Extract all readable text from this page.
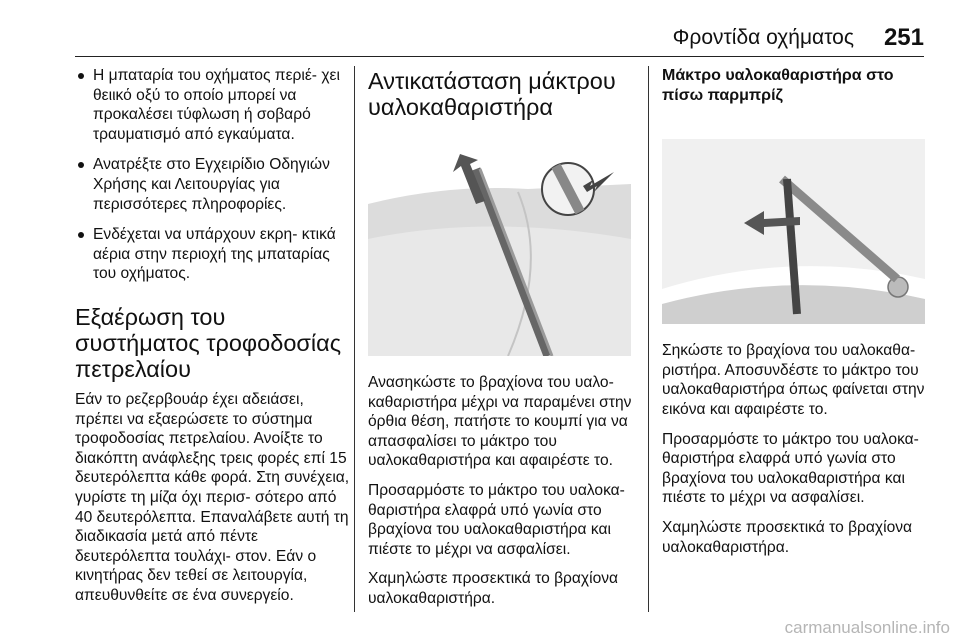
Φροντίδα οχήματος 251
Η μπαταρία του οχήματος περιέ- χει θειικό οξύ το οποίο μπορεί να προκαλέσει τύφλωση ή σοβαρό τραυματισμό από εγκαύματα.
Ανατρέξτε στο Εγχειρίδιο Οδηγιών Χρήσης και Λειτουργίας για περισσότερες πληροφορίες.
Ενδέχεται να υπάρχουν εκρη- κτικά αέρια στην περιοχή της μπαταρίας του οχήματος.
Εξαέρωση του συστήματος τροφοδοσίας πετρελαίου

Εάν το ρεζερβουάρ έχει αδειάσει, πρέπει να εξαερώσετε το σύστημα τροφοδοσίας πετρελαίου. Ανοίξτε το διακόπτη ανάφλεξης τρεις φορές επί 15 δευτερόλεπτα κάθε φορά. Στη συνέχεια, γυρίστε τη μίζα όχι περισ- σότερο από 40 δευτερόλεπτα. Επαναλάβετε αυτή τη διαδικασία μετά από πέντε δευτερόλεπτα τουλάχι- στον. Εάν ο κινητήρας δεν τεθεί σε λειτουργία, απευθυνθείτε σε ένα συνεργείο.

Αντικατάσταση μάκτρου υαλοκαθαριστήρα

Ανασηκώστε το βραχίονα του υαλο- καθαριστήρα μέχρι να παραμένει στην όρθια θέση, πατήστε το κουμπί για να απασφαλίσει το μάκτρο του υαλοκαθαριστήρα και αφαιρέστε το.

Προσαρμόστε το μάκτρο του υαλοκα- θαριστήρα ελαφρά υπό γωνία στο βραχίονα του υαλοκαθαριστήρα και πιέστε το μέχρι να ασφαλίσει.

Χαμηλώστε προσεκτικά το βραχίονα υαλοκαθαριστήρα.

Μάκτρο υαλοκαθαριστήρα στο πίσω παρμπρίζ

Σηκώστε το βραχίονα του υαλοκαθα- ριστήρα. Αποσυνδέστε το μάκτρο του υαλοκαθαριστήρα όπως φαίνεται στην εικόνα και αφαιρέστε το.

Προσαρμόστε το μάκτρο του υαλοκα- θαριστήρα ελαφρά υπό γωνία στο βραχίονα του υαλοκαθαριστήρα και πιέστε το μέχρι να ασφαλίσει.

Χαμηλώστε προσεκτικά το βραχίονα υαλοκαθαριστήρα.

carmanualsonline.info
